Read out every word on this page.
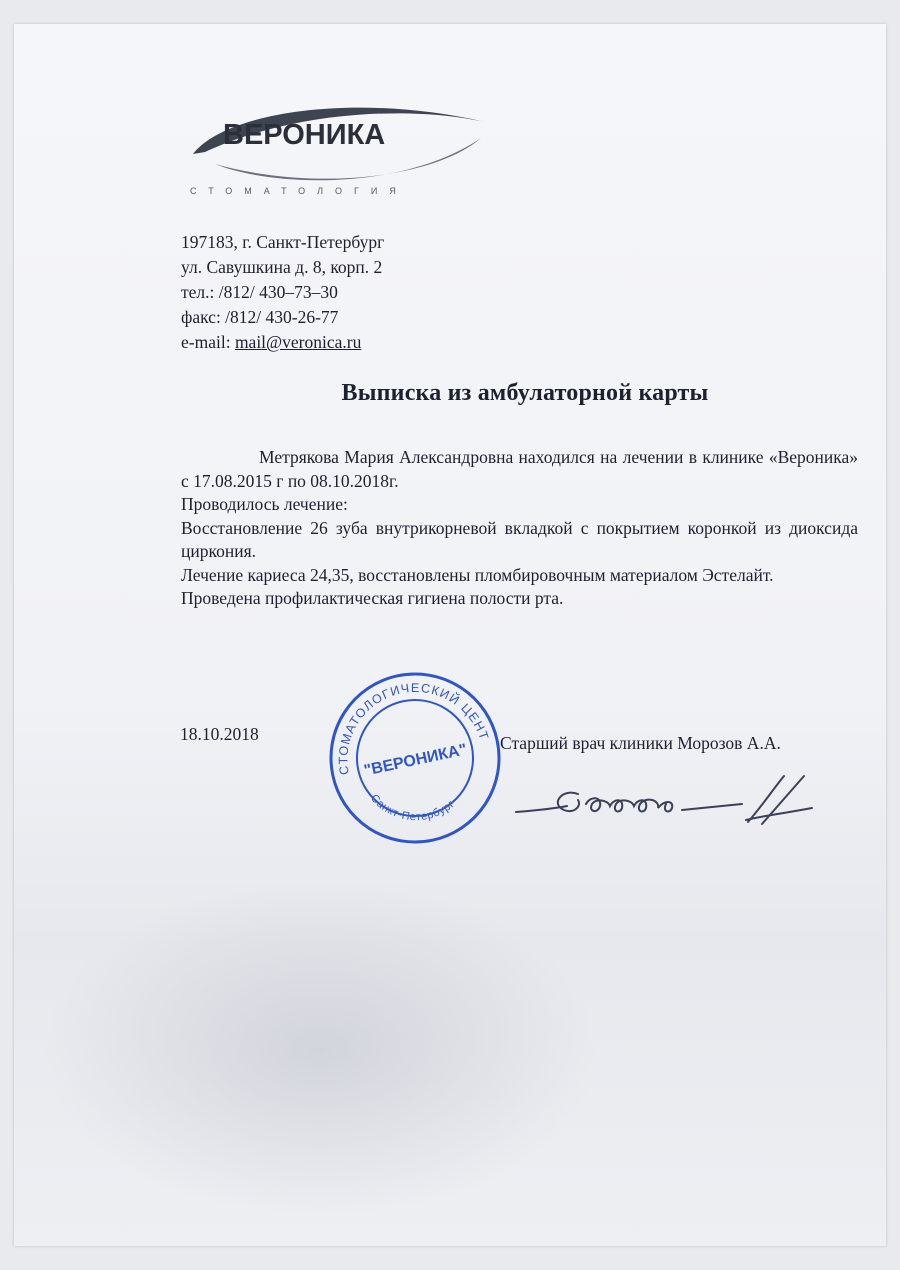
ВЕРОНИКА
СТОМАТОЛОГИЯ
197183, г. Санкт-Петербург
ул. Савушкина д. 8, корп. 2
тел.: /812/ 430–73–30
факс: /812/ 430-26-77
e-mail: mail@veronica.ru
Выписка из амбулаторной карты

Метрякова Мария Александровна находился на лечении в клинике «Вероника» с 17.08.2015 г по 08.10.2018г.

Проводилось лечение:

Восстановление 26 зуба внутрикорневой вкладкой с покрытием коронкой из диоксида циркония.

Лечение кариеса 24,35, восстановлены пломбировочным материалом Эстелайт.

Проведена профилактическая гигиена полости рта.

18.10.2018
СТОМАТОЛОГИЧЕСКИЙ ЦЕНТР
Санкт-Петербург
"ВЕРОНИКА" Старший врач клиники Морозов А.А.
